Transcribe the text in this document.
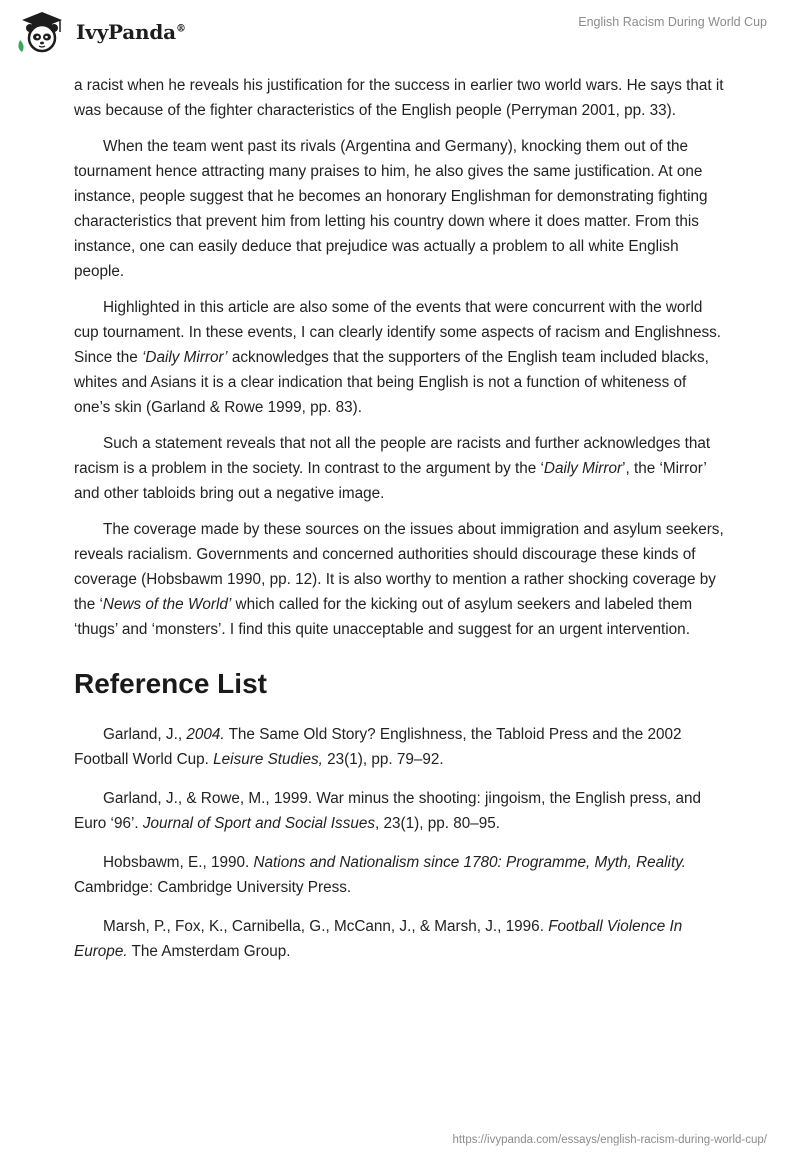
IvyPanda®	English Racism During World Cup

a racist when he reveals his justification for the success in earlier two world wars. He says that it was because of the fighter characteristics of the English people (Perryman 2001, pp. 33).

When the team went past its rivals (Argentina and Germany), knocking them out of the tournament hence attracting many praises to him, he also gives the same justification. At one instance, people suggest that he becomes an honorary Englishman for demonstrating fighting characteristics that prevent him from letting his country down where it does matter. From this instance, one can easily deduce that prejudice was actually a problem to all white English people.

Highlighted in this article are also some of the events that were concurrent with the world cup tournament. In these events, I can clearly identify some aspects of racism and Englishness. Since the ‘Daily Mirror’ acknowledges that the supporters of the English team included blacks, whites and Asians it is a clear indication that being English is not a function of whiteness of one’s skin (Garland & Rowe 1999, pp. 83).

Such a statement reveals that not all the people are racists and further acknowledges that racism is a problem in the society. In contrast to the argument by the ‘Daily Mirror’, the ‘Mirror’ and other tabloids bring out a negative image.

The coverage made by these sources on the issues about immigration and asylum seekers, reveals racialism. Governments and concerned authorities should discourage these kinds of coverage (Hobsbawm 1990, pp. 12). It is also worthy to mention a rather shocking coverage by the ‘News of the World’ which called for the kicking out of asylum seekers and labeled them ‘thugs’ and ‘monsters’. I find this quite unacceptable and suggest for an urgent intervention.

Reference List

Garland, J., 2004. The Same Old Story? Englishness, the Tabloid Press and the 2002 Football World Cup. Leisure Studies, 23(1), pp. 79–92.

Garland, J., & Rowe, M., 1999. War minus the shooting: jingoism, the English press, and Euro ‘96’. Journal of Sport and Social Issues, 23(1), pp. 80–95.

Hobsbawm, E., 1990. Nations and Nationalism since 1780: Programme, Myth, Reality. Cambridge: Cambridge University Press.

Marsh, P., Fox, K., Carnibella, G., McCann, J., & Marsh, J., 1996. Football Violence In Europe. The Amsterdam Group.

https://ivypanda.com/essays/english-racism-during-world-cup/
